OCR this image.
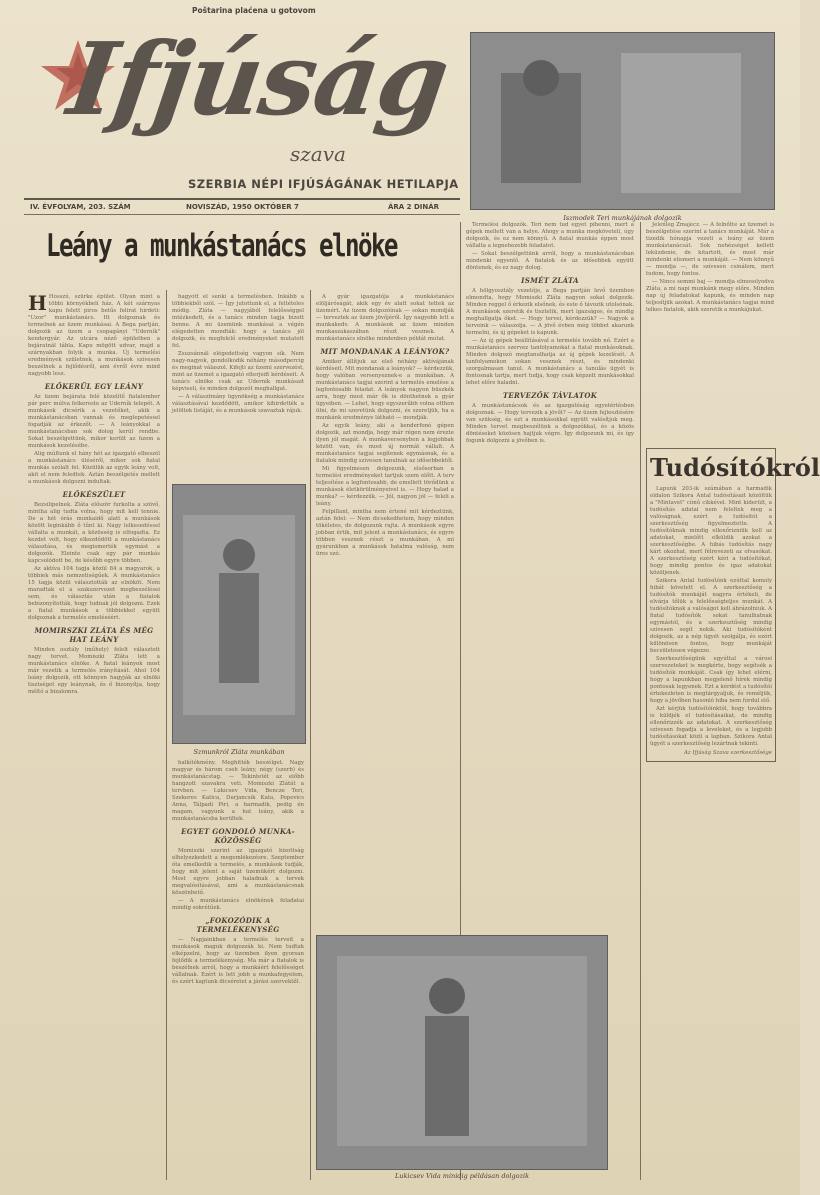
Poštarina plaćena u gotovom
Ifjúság
szava
SZERBIA NÉPI IFJÚSÁGÁNAK HETILAPJA
IV. ÉVFOLYAM, 203. SZÁM	NOVISZÁD, 1950 OKTÓBER 7	ÁRA 2 DINÁR
Iszmodek Teri munkájának dolgozik
Leány a munkástanács elnöke

H Hosszú, szürke épület. Olyan mint a többi környékbeli ház. A két szárnyas kapu felett piros betűs felirat hirdeti: "Uzor" munkástanács. Itt dolgoznak és termelnek az üzem munkásai. A Bega partján, dolgozik az üzem a csopagányi "Uderník" kendergyár. Az utcára néző épületben a bejáratnál tábla. Kapu mögött udvar, majd a szárnyakban folyik a munka. Új termelési eredmények születnek, a munkások szívesen beszélnek a fejlődésről, ami évről évre mind nagyobb lesz.

ELŐKERÜL EGY LEÁNY

Az üzem bejárata felé közelítő fiatalember pár perc múlva felkereste az Uderník telepét. A munkások dicsérik a vezetőket, akik a munkástanácsban vannak és meglepetéssel fogadják az érkezőt. — A leányokkal a munkástanácsban sok dolog kerül rendbe. Sokat beszélgettünk, mikor került az üzem a munkások kezelésébe.

Alig múltunk el hány hét az igazgató elbeszél a munkástanács üléséről, mikor sok fiatal munkás szólalt fel. Közülük az egyik leány volt, akit el nem feledtek. Aztán beszélgetés mellett a munkások dolgozni indultak.

ELŐKÉSZÜLET

Bezsilipelnek. Zláta először furkolta a szövő, mintha alig tudta volna, hogy mit kell tennie. De a hét órás munkaidő alatt a munkások között leginkább ő tűnt ki. Nagy lelkesedéssel vállalta a munkát, a közösség is elfogadta. Ez kezdet volt, hogy elkezdődött a munkástanács választása, és megismerték egymást a dolgozók. Eleinte csak egy pár munkás kapcsolódott be, de később egyre többen.

Az aktíva 104 tagja közül 84 a magyarok, a többiek más nemzetiségűek. A munkástanács 15 tagja közül választották az elnököt. Nem maradtak el a szakszervezet megbeszélései sem, és választás után a fiatalok bebizonyították, hogy tudnak jól dolgozni. Ezek a fiatal munkások a többiekkel együtt dolgoznak a termelés emeléséért.

MOMIRSZKI ZLÁTA ÉS MÉG HAT LEÁNY

Minden osztály (műhely) felelt választott nagy tervet. Momiszki Zláta lett a munkástanács elnöke. A fiatal leányok most már vezetik a termelés irányítását. Ahol 104 leány dolgozik, ott könnyen hagyják az elnöki tisztséget egy leánynak, és ő bizonyítja, hogy méltó a bizalomra.

hagyott el senki a termelésben. Inkább a többiekből szól. — Így jutottunk el, a feltételes módig. Zláta — nagyjából felelősséggel intézkedett, és a tanács minden tagja bízott benne. A mi üzemünk munkásai a végén elégedetten mondták: hogy a tanács jól dolgozik, és megfelelő eredményeket mutatott fel.

Zsuzsánnál elégedettség vagyon sík. Nem nagy-nagyok, gondolkodik néhány másodpercig és meginat válaszol. Kifejti az üzemi szervezést, mint az üzemet a igazgató elterjedt kérdéseit. A tanács elnöke csak az Uderník munkásait képviseli, és minden dolgozót meghallgat.

— A választmány ügynökség a munkástanács választásával kezdődött, amikor kihirdették a jelöltek listáját, és a munkások szavaztak rájuk.

Szmunkról Zláta munkában

halkítékmény. Meghitték beszélget. Nagy magyar és három cseh leány, négy (szerb) és munkástanácstag. — Tekintetét az előbb hangzott szavakra veti. Momiszki Zlátát a tervben. — Lukicsev Vida, Bencze Teri, Szekeres Katica, Durjancsik Kata, Popovics Anna, Tálpadi Piri, a harmadik, pedig én magam, vagyunk a hat leány, akik a munkástanácsba kerültek.

EGYET GONDOLÓ MUNKA-KÖZÖSSÉG

Momiszki szerint az igazgató bizottság elhelyezkedett a megemlékezésre. Szeptember óta emelkedik a termelés, a munkások tudják, hogy mit jelent a saját üzemükért dolgozni. Most egyre jobban haladnak a tervek megvalósításával, ami a munkástanácsnak köszönhető.

— A munkástanács elnökének feladatai mindig sokrétűek.

„FOKOZÓDIK A TERMELÉKENYSÉG

— Napjainkban a termelés terveit a munkások maguk dolgozzák ki. Nem tudtuk elképzelni, hogy az üzemben ilyen gyorsan fejlődik a termelékenység. Ma már a fiatalok is beszélnek arról, hogy a munkáért felelősséget vállalnak. Ezért is lett jobb a munkafegyelem, és ezért kaptunk dicséretet a járási szervektől.

A gyár igazgatója a munkástanács elöljáróságát, akik egy év alatt sokat tettek az üzemért. Az üzem dolgozóinak — sokan mondják — terveztek az üzem jövőjéről. Így nagyobb lett a munkakedv. A munkások az üzem minden munkaszakaszában részt vesznek. A munkástanács elnöke mindenben példát mutat.

MIT MONDANAK A LEÁNYOK?

Amikor állítjuk az első néhány aktívájának kérdéseit. Mit mondanak a leányok? — kérdezzük, hogy valóban versenyeznek-e a munkában. A munkástanács tagjai szerint a termelés emelése a legfontosabb feladat. A leányok nagyon büszkék arra, hogy most már ők is dönthetnek a gyár ügyeiben. — Lehet, hogy egyszerűbb volna otthon ülni, de mi szeretünk dolgozni, és szeretjük, ha a munkánk eredménye látható — mondják.

Az egyik leány, aki a kenderfonó gépen dolgozik, azt mondja, hogy már régen nem érezte ilyen jól magát. A munkaversenyben a legjobbak között van, és most új normát vállalt. A munkástanács tagjai segítenek egymásnak, és a fiatalok mindig szívesen tanulnak az idősebbektől.

Mi figyelmesen dolgozunk, elsősorban a termelési eredményeket tartjuk szem előtt. A terv teljesítése a legfontosabb, de emellett törődünk a munkások életkörülményeivel is. — Hogy halad a munka? — kérdezzük. — Jól, nagyon jól — feleli a leány.

Felpillant, mintha nem értené mit kérdeztünk, aztán felel: — Nem dicsekedhetem, hogy minden tökéletes, de dolgozunk rajta. A munkások egyre jobban értik, mit jelent a munkástanács, és egyre többen vesznek részt a munkában. A mi gyárunkban a munkások hatalma valóság, nem üres szó.

Lukicsev Vida minidig példásan dolgozik

Termelési dolgozók. Teri nem tud egyet pihenni, mert a gépek mellett van a helye. Ahogy a munka megköveteli, úgy dolgozik, és ez nem könnyű. A fiatal munkás éppen most vállalta a legnehezebb feladatot.

— Sokat beszélgettünk arról, hogy a munkástanácsban mindenki egyenlő. A fiatalok és az idősebbek együtt döntenek, és ez nagy dolog.

ISMÉT ZLÁTA

A hölgyosztály vezetője, a Bega partján levő üzemben elmondta, hogy Momiszki Zláta nagyon sokat dolgozik. Minden reggel ő érkezik elsőnek, és este ő távozik utolsónak. A munkások szeretik és tisztelik, mert igazságos, és mindig meghallgatja őket. — Hogy tervei, kérdezzük? — Nagyok a terveink — válaszolja. — A jövő évben még többet akarunk termelni, és új gépeket is kapunk.

— Az új gépek beállításával a termelés tovább nő. Ezért a munkástanács szervez tanfolyamokat a fiatal munkásoknak. Minden dolgozó megtanulhatja az új gépek kezelését. A tanfolyamokon sokan vesznek részt, és mindenki szorgalmasan tanul. A munkástanács a tanulás ügyét is fontosnak tartja, mert tudja, hogy csak képzett munkásokkal lehet előre haladni.

TERVEZŐK TÁVLATOK

A munkástanácsok és az igazgatóság egyetértésben dolgoznak. — Hogy tervezik a jövőt? — Az üzem fejlesztésére van szükség, és ezt a munkásokkal együtt valósítjuk meg. Minden tervet megbeszélünk a dolgozókkal, és a közös döntéseket közösen hajtjuk végre. Így dolgozunk mi, és így fogunk dolgozni a jövőben is.

Jelenleg Zmajecz. — A felnőtte az üzemet is beszélgetése szerint a tanács munkáját. Már a tizedik hónapja vezeti a leány az üzem munkástanácsát. Sok nehézséget kellett leküzdenie, de kitartott, és most már mindenki elismeri a munkáját. — Nem könnyű — mondja —, de szívesen csinálom, mert tudom, hogy fontos.

— Nincs semmi baj — mondja elmosolyodva Zláta, a mi napi munkánk megy előre. Minden nap új feladatokat kapunk, és minden nap teljesítjük azokat. A munkástanács tagjai mind lelkes fiatalok, akik szeretik a munkájukat.

Tudósítókról

Lapunk 203-ik számában a harmadik oldalon Szikora Antal tudósításait közöltük a "Mintavet" című cikkével. Mint kiderült, a tudósítás adatai nem feleltek meg a valóságnak, ezért a tudósítót a szerkesztőség figyelmeztette. A tudósítóknak mindig ellenőrizniük kell az adatokat, mielőtt elküldik azokat a szerkesztőségbe. A hibás tudósítás nagy kárt okozhat, mert félrevezeti az olvasókat. A szerkesztőség ezért kéri a tudósítókat, hogy mindig pontos és igaz adatokat közöljenek.

Szikora Antal tudósítónk ezúttal komoly hibát követett el. A szerkesztőség a tudósítók munkáját nagyra értékeli, de elvárja tőlük a felelősségteljes munkát. A tudósítóknak a valóságot kell ábrázolniuk. A fiatal tudósítók sokat tanulhatnak egymástól, és a szerkesztőség mindig szívesen segít nekik. Aki tudósítóként dolgozik, az a nép ügyét szolgálja, és ezért különösen fontos, hogy munkáját becsületesen végezze.

Szerkesztőségünk egyúttal a városi szervezeteket is megkérte, hogy segítsék a tudósítók munkáját. Csak így lehet elérni, hogy a lapunkban megjelenő hírek mindig pontosak legyenek. Ezt a kérdést a tudósítói értekezleten is megtárgyaljuk, és reméljük, hogy a jövőben hasonló hiba nem fordul elő.

Azt kérjük tudósítóinktól, hogy továbbra is küldjék el tudósításaikat, de mindig ellenőrizzék az adatokat. A szerkesztőség szívesen fogadja a leveleket, és a legjobb tudósításokat közli a lapban. Szikora Antal ügyét a szerkesztőség lezártnak tekinti.

Az Ifjúság Szava szerkesztősége
